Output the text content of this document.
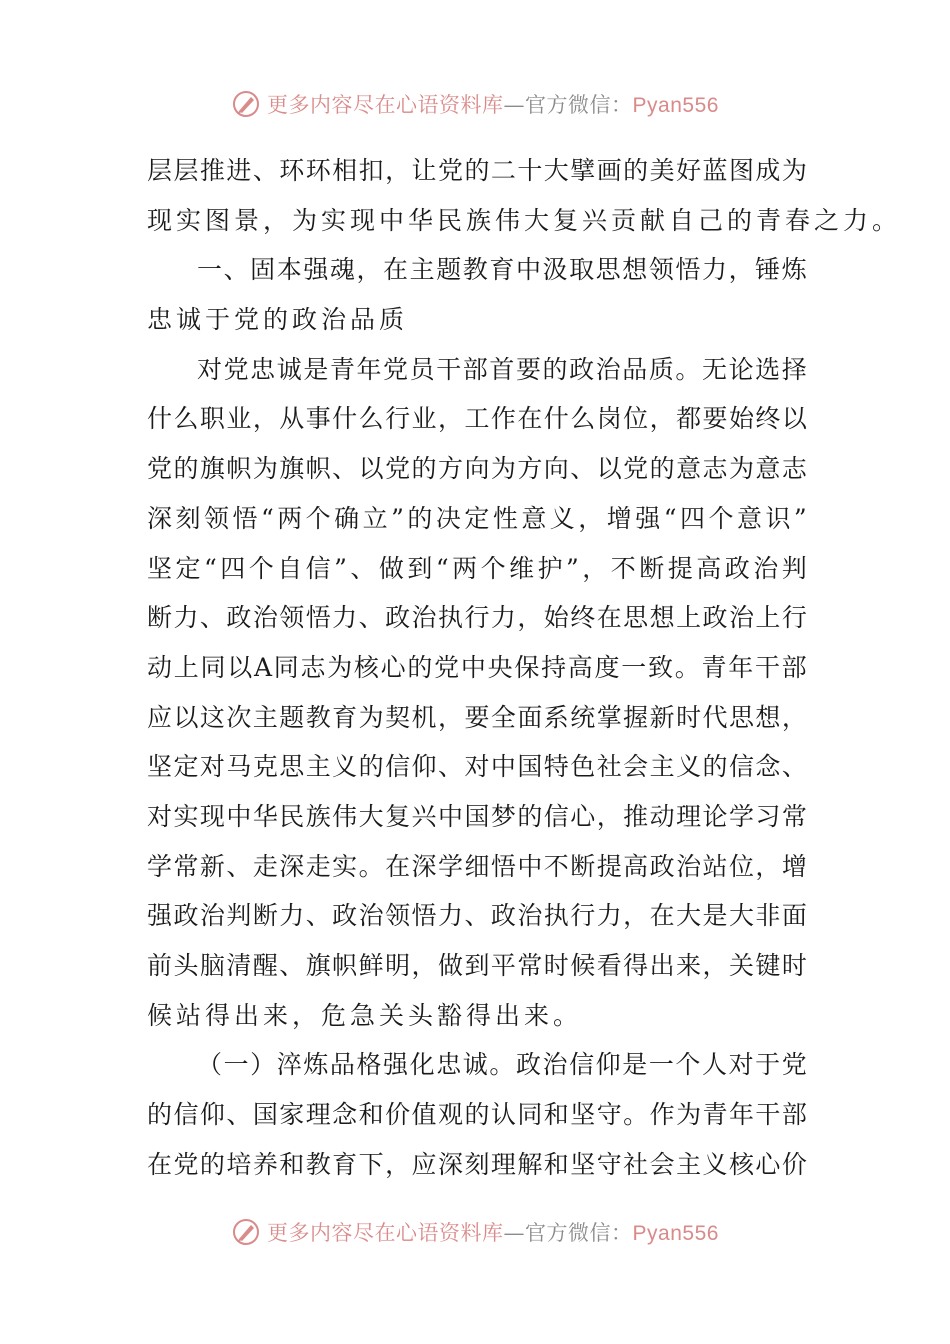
更多内容尽在心语资料库—官方微信：Pyan556
层 层 推 进 、 环 环 相 扣 ， 让 党 的 二 十 大 擘 画 的 美 好 蓝 图 成 为
现实图景，为实现中华民族伟大复兴贡献自己的青春之力。
一 、 固 本 强 魂 ， 在 主 题 教 育 中 汲 取 思 想 领 悟 力 ， 锤 炼
忠诚于党的政治品质
对 党 忠 诚 是 青 年 党 员 干 部 首 要 的 政 治 品 质 。 无 论 选 择
什 么 职 业 ， 从 事 什 么 行 业 ， 工 作 在 什 么 岗 位 ， 都 要 始 终 以
党 的 旗 帜 为 旗 帜 、 以 党 的 方 向 为 方 向 、 以 党 的 意 志 为 意 志
深 刻 领 悟 “ 两 个 确 立 ” 的 决 定 性 意 义 ， 增 强 “ 四 个 意 识 ”
坚 定 “ 四 个 自 信 ” 、 做 到 “ 两 个 维 护 ” ， 不 断 提 高 政 治 判
断 力 、 政 治 领 悟 力 、 政 治 执 行 力 ， 始 终 在 思 想 上 政 治 上 行
动 上 同 以 A 同 志 为 核 心 的 党 中 央 保 持 高 度 一 致 。 青 年 干 部
应 以 这 次 主 题 教 育 为 契 机 ， 要 全 面 系 统 掌 握 新 时 代 思 想 ，
坚 定 对 马 克 思 主 义 的 信 仰 、 对 中 国 特 色 社 会 主 义 的 信 念 、
对 实 现 中 华 民 族 伟 大 复 兴 中 国 梦 的 信 心 ， 推 动 理 论 学 习 常
学 常 新 、 走 深 走 实 。 在 深 学 细 悟 中 不 断 提 高 政 治 站 位 ， 增
强 政 治 判 断 力 、 政 治 领 悟 力 、 政 治 执 行 力 ， 在 大 是 大 非 面
前 头 脑 清 醒 、 旗 帜 鲜 明 ， 做 到 平 常 时 候 看 得 出 来 ， 关 键 时
候站得出来，危急关头豁得出来。
（ 一 ） 淬 炼 品 格 强 化 忠 诚 。 政 治 信 仰 是 一 个 人 对 于 党
的 信 仰 、 国 家 理 念 和 价 值 观 的 认 同 和 坚 守 。 作 为 青 年 干 部
在 党 的 培 养 和 教 育 下 ， 应 深 刻 理 解 和 坚 守 社 会 主 义 核 心 价
更多内容尽在心语资料库—官方微信：Pyan556
